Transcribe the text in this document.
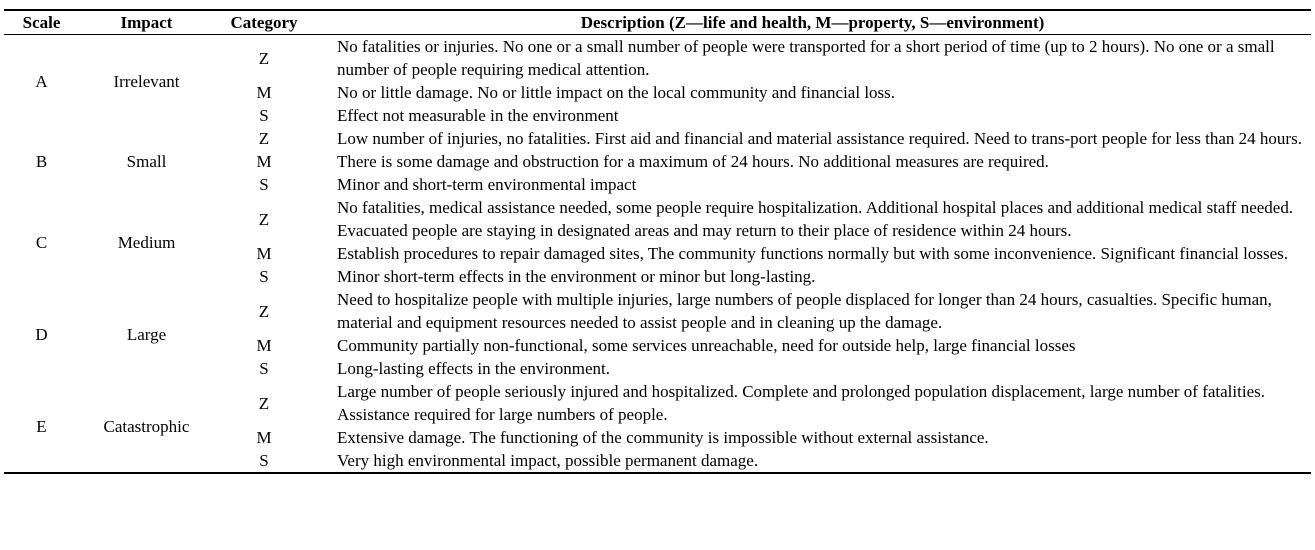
Scale	Impact	Category	Description (Z—life and health, M—property, S—environment)
A	Irrelevant	Z	No fatalities or injuries. No one or a small number of people were transported for a short period of time (up to 2 hours). No one or a small number of people requiring medical attention.
		M	No or little damage. No or little impact on the local community and financial loss.
		S	Effect not measurable in the environment
B	Small	Z	Low number of injuries, no fatalities. First aid and financial and material assistance required. Need to trans-port people for less than 24 hours.
		M	There is some damage and obstruction for a maximum of 24 hours. No additional measures are required.
		S	Minor and short-term environmental impact
C	Medium	Z	No fatalities, medical assistance needed, some people require hospitalization. Additional hospital places and additional medical staff needed. Evacuated people are staying in designated areas and may return to their place of residence within 24 hours.
		M	Establish procedures to repair damaged sites, The community functions normally but with some inconvenience. Significant financial losses.
		S	Minor short-term effects in the environment or minor but long-lasting.
D	Large	Z	Need to hospitalize people with multiple injuries, large numbers of people displaced for longer than 24 hours, casualties. Specific human, material and equipment resources needed to assist people and in cleaning up the damage.
		M	Community partially non-functional, some services unreachable, need for outside help, large financial losses
		S	Long-lasting effects in the environment.
E	Catastrophic	Z	Large number of people seriously injured and hospitalized. Complete and prolonged population displacement, large number of fatalities. Assistance required for large numbers of people.
		M	Extensive damage. The functioning of the community is impossible without external assistance.
		S	Very high environmental impact, possible permanent damage.
